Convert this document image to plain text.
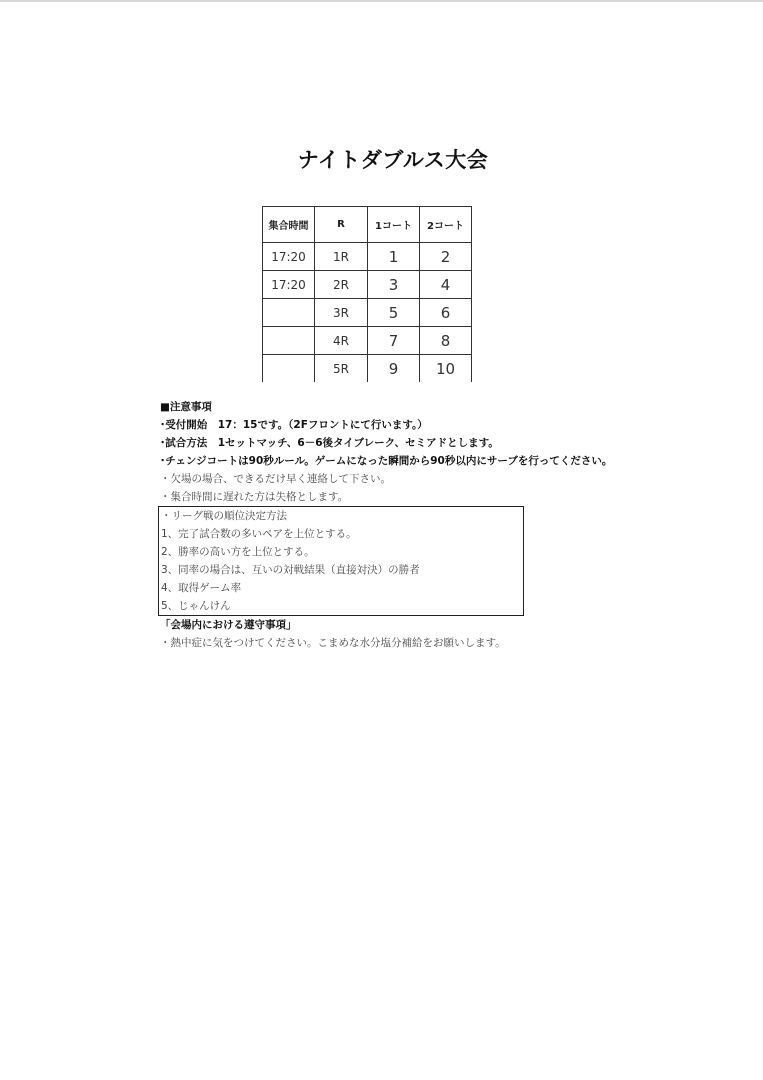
ナイトダブルス大会
集合時間	R	1コート	2コート
17:20	1R	1	2
17:20	2R	3	4
	3R	5	6
	4R	7	8
	5R	9	10
■注意事項
･受付開始　17：15です。（2Fフロントにて行います。）
･試合方法　1セットマッチ、6－6後タイブレーク、セミアドとします。
･チェンジコートは90秒ルール。ゲームになった瞬間から90秒以内にサーブを行ってください。
・欠場の場合、できるだけ早く連絡して下さい。
・集合時間に遅れた方は失格とします。
・リーグ戦の順位決定方法
1、完了試合数の多いペアを上位とする。
2、勝率の高い方を上位とする。
3、同率の場合は、互いの対戦結果（直接対決）の勝者
4、取得ゲーム率
5、じゃんけん
「会場内における遵守事項」
・熱中症に気をつけてください。こまめな水分塩分補給をお願いします。
